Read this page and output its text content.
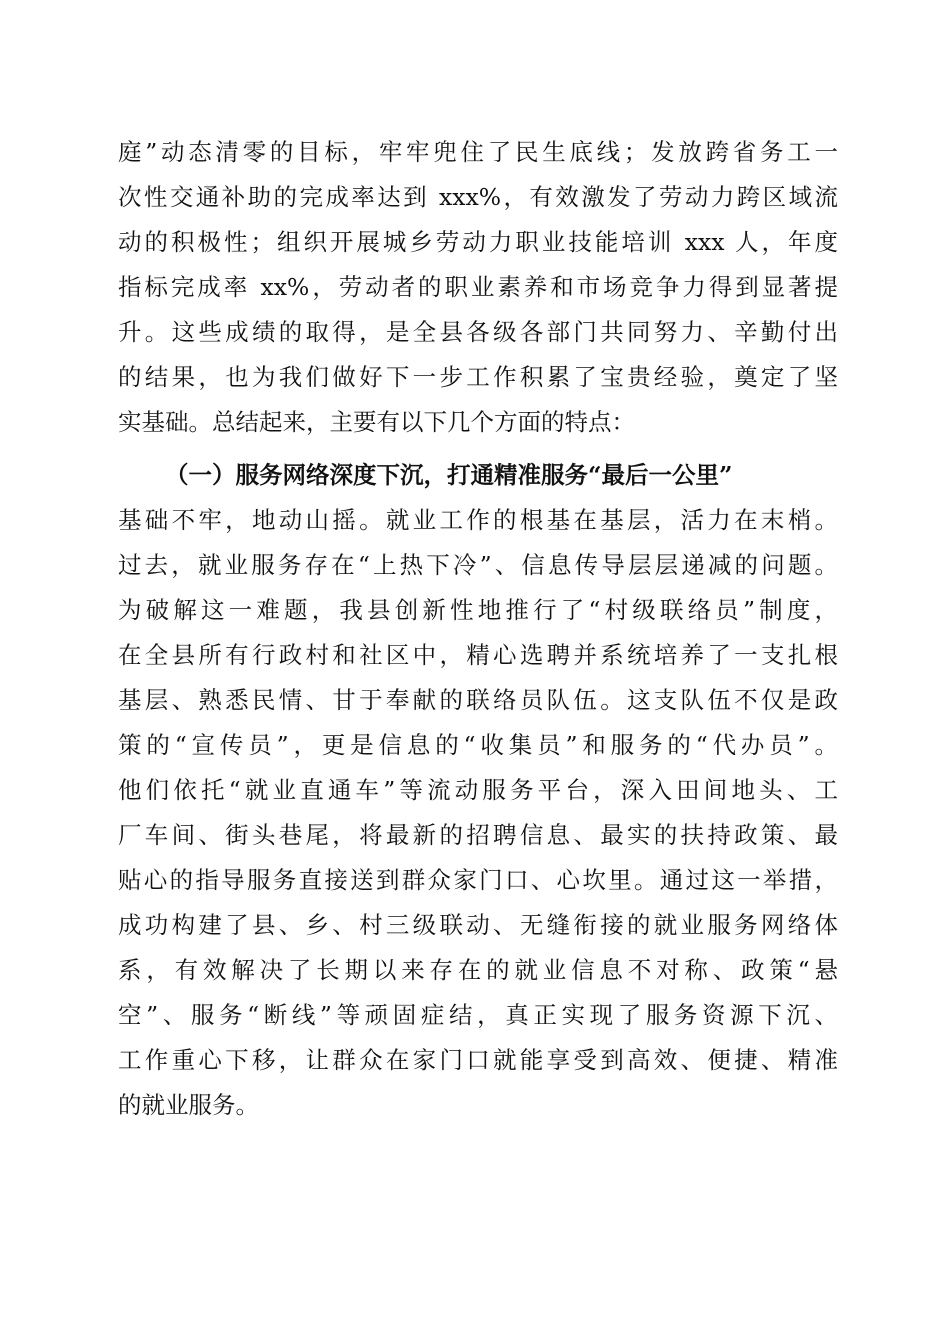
庭”动态清零的目标，牢牢兜住了民生底线；发放跨省务工一
次性交通补助的完成率达到 xxx%，有效激发了劳动力跨区域流
动的积极性；组织开展城乡劳动力职业技能培训 xxx 人，年度
指标完成率 xx%，劳动者的职业素养和市场竞争力得到显著提
升。这些成绩的取得，是全县各级各部门共同努力、辛勤付出
的结果，也为我们做好下一步工作积累了宝贵经验，奠定了坚
实基础。总结起来，主要有以下几个方面的特点：
（一）服务网络深度下沉，打通精准服务“最后一公里”
基础不牢，地动山摇。就业工作的根基在基层，活力在末梢。
过去，就业服务存在“上热下冷”、信息传导层层递减的问题。
为破解这一难题，我县创新性地推行了“村级联络员”制度，
在全县所有行政村和社区中，精心选聘并系统培养了一支扎根
基层、熟悉民情、甘于奉献的联络员队伍。这支队伍不仅是政
策的“宣传员”，更是信息的“收集员”和服务的“代办员”。
他们依托“就业直通车”等流动服务平台，深入田间地头、工
厂车间、街头巷尾，将最新的招聘信息、最实的扶持政策、最
贴心的指导服务直接送到群众家门口、心坎里。通过这一举措，
成功构建了县、乡、村三级联动、无缝衔接的就业服务网络体
系，有效解决了长期以来存在的就业信息不对称、政策“悬
空”、服务“断线”等顽固症结，真正实现了服务资源下沉、
工作重心下移，让群众在家门口就能享受到高效、便捷、精准
的就业服务。
